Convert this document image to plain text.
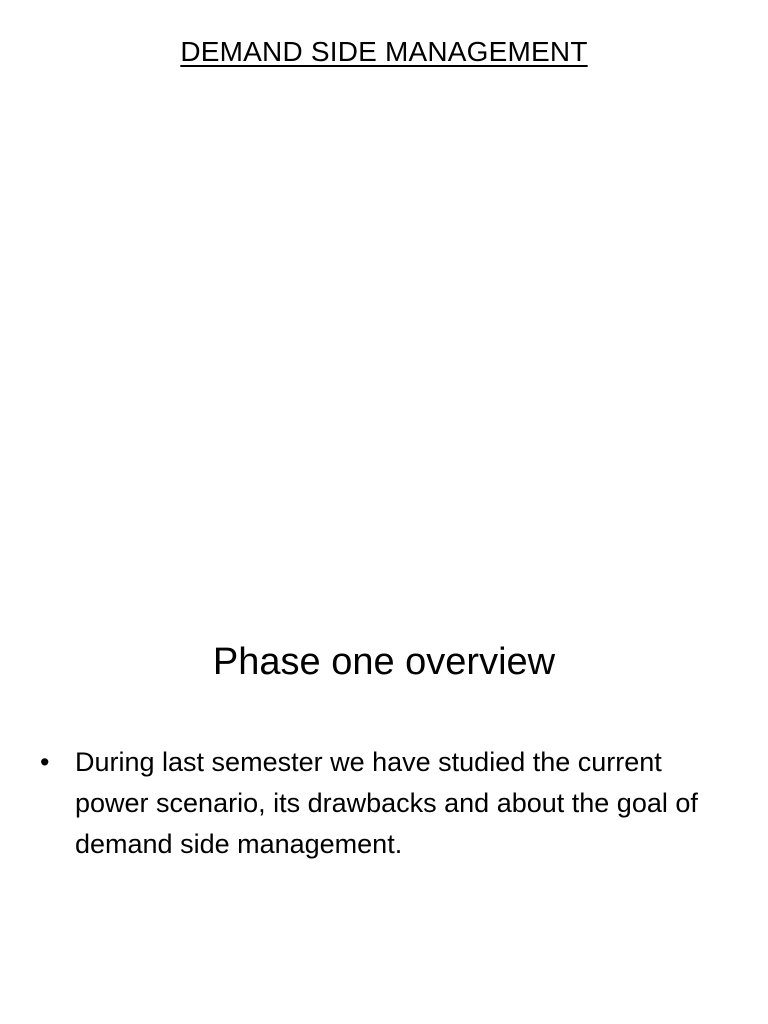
DEMAND SIDE MANAGEMENT
Phase one overview
• During last semester we have studied the current power scenario, its drawbacks and about the goal of demand side management.
